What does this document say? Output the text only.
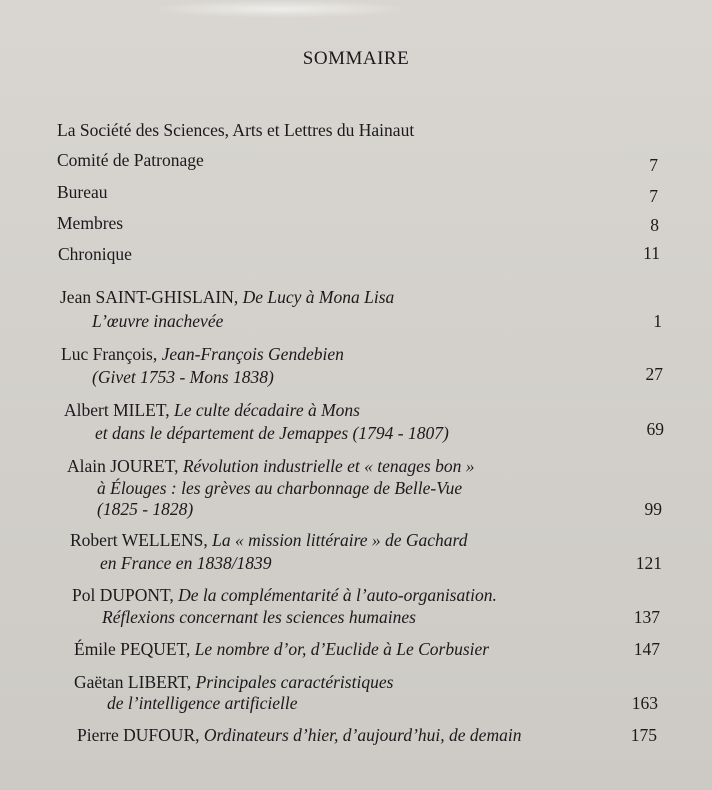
SOMMAIRE
La Société des Sciences, Arts et Lettres du Hainaut
Comité de Patronage	7
Bureau	7
Membres	8
Chronique	11
Jean SAINT-GHISLAIN, De Lucy à Mona Lisa
L’œuvre inachevée	1
Luc François, Jean-François Gendebien
(Givet 1753 - Mons 1838)	27
Albert MILET, Le culte décadaire à Mons
et dans le département de Jemappes (1794 - 1807)	69
Alain JOURET, Révolution industrielle et « tenages bon »
à Élouges : les grèves au charbonnage de Belle-Vue
(1825 - 1828)	99
Robert WELLENS, La « mission littéraire » de Gachard
en France en 1838/1839	121
Pol DUPONT, De la complémentarité à l’auto-organisation.
Réflexions concernant les sciences humaines	137
Émile PEQUET, Le nombre d’or, d’Euclide à Le Corbusier	147
Gaëtan LIBERT, Principales caractéristiques
de l’intelligence artificielle	163
Pierre DUFOUR, Ordinateurs d’hier, d’aujourd’hui, de demain	175
